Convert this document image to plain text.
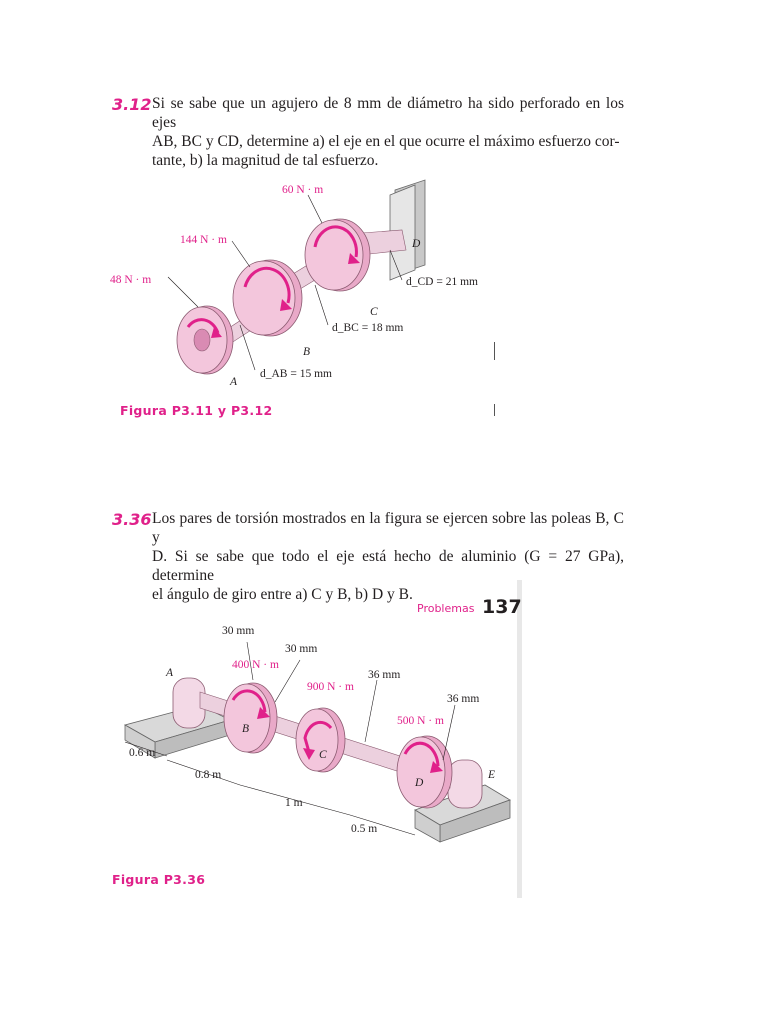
3.12 Si se sabe que un agujero de 8 mm de diámetro ha sido perforado en los ejes

AB, BC y CD, determine a) el eje en el que ocurre el máximo esfuerzo cor-

tante, b) la magnitud de tal esfuerzo.

48 N · m
144 N · m
60 N · m
A
B
C
D
d_AB = 15 mm
d_BC = 18 mm
d_CD = 21 mm
Figura P3.11 y P3.12
3.36 Los pares de torsión mostrados en la figura se ejercen sobre las poleas B, C y

D. Si se sabe que todo el eje está hecho de aluminio (G = 27 GPa), determine

el ángulo de giro entre a) C y B, b) D y B.

Problemas 137
30 mm
30 mm
36 mm
36 mm
400 N · m
900 N · m
500 N · m
A
B
C
D
E
0.6 m
0.8 m
1 m
0.5 m
Figura P3.36
